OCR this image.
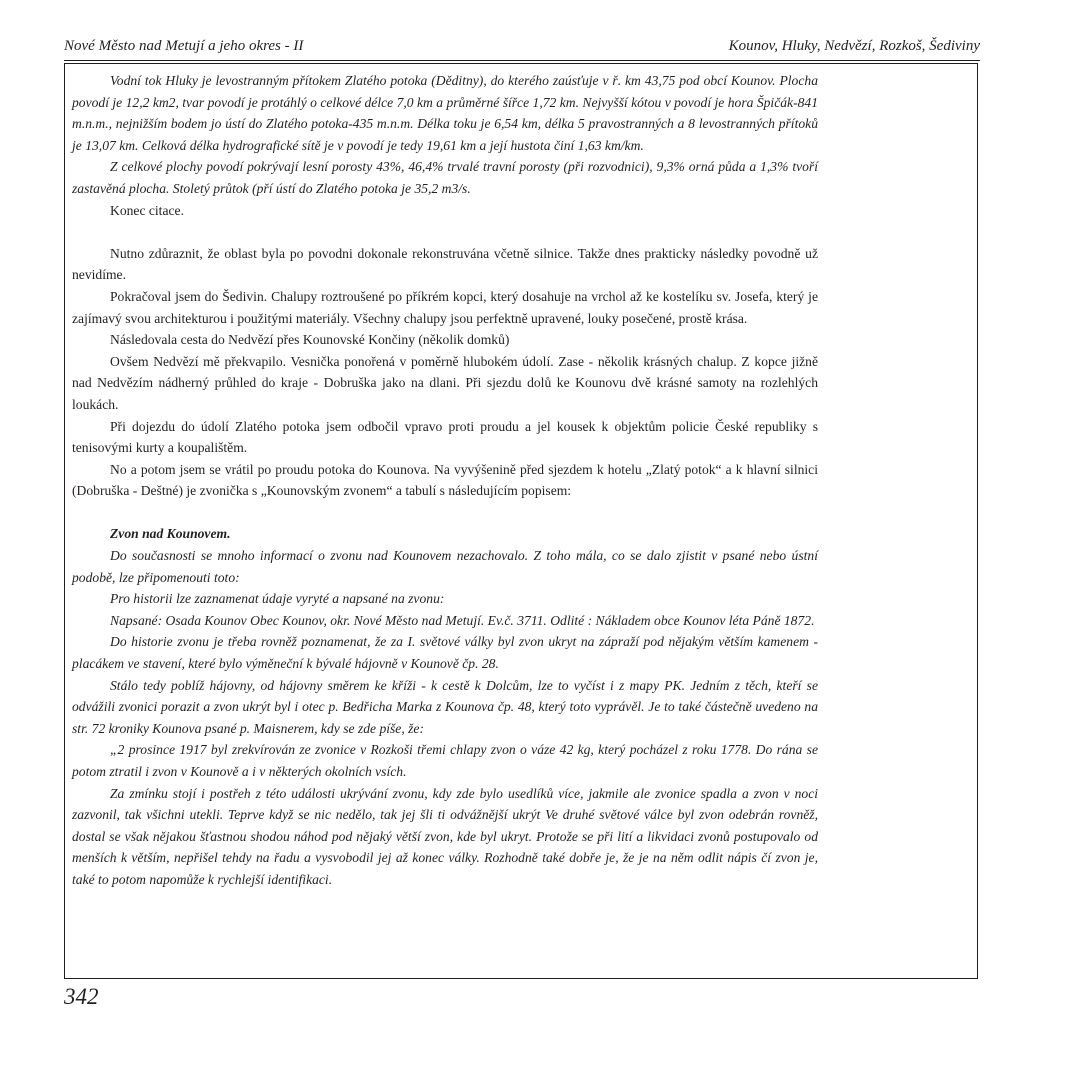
Nové Město nad Metují a jeho okres - II	Kounov, Hluky, Nedvězí, Rozkoš, Šediviny

Vodní tok Hluky je levostranným přítokem Zlatého potoka (Děditny), do kterého zaúsťuje v ř. km 43,75 pod obcí Kounov. Plocha povodí je 12,2 km2, tvar povodí je protáhlý o celkové délce 7,0 km a průměrné šířce 1,72 km. Nejvyšší kótou v povodí je hora Špičák-841 m.n.m., nejnižším bodem jo ústí do Zlatého potoka-435 m.n.m. Délka toku je 6,54 km, délka 5 pravostranných a 8 levostranných přítoků je 13,07 km. Celková délka hydrografické sítě je v povodí je tedy 19,61 km a její hustota činí 1,63 km/km.

Z celkové plochy povodí pokrývají lesní porosty 43%, 46,4% trvalé travní porosty (při rozvodnici), 9,3% orná půda a 1,3% tvoří zastavěná plocha. Stoletý průtok (pří ústí do Zlatého potoka je 35,2 m3/s.

Konec citace.

Nutno zdůraznit, že oblast byla po povodni dokonale rekonstruvána včetně silnice. Takže dnes prakticky následky povodně už nevidíme.

Pokračoval jsem do Šedivin. Chalupy roztroušené po příkrém kopci, který dosahuje na vrchol až ke kostelíku sv. Josefa, který je zajímavý svou architekturou i použitými materiály. Všechny chalupy jsou perfektně upravené, louky posečené, prostě krása.

Následovala cesta do Nedvězí přes Kounovské Končiny (několik domků)

Ovšem Nedvězí mě překvapilo. Vesnička ponořená v poměrně hlubokém údolí. Zase - několik krásných chalup. Z kopce jižně nad Nedvězím nádherný průhled do kraje - Dobruška jako na dlani. Při sjezdu dolů ke Kounovu dvě krásné samoty na rozlehlých loukách.

Při dojezdu do údolí Zlatého potoka jsem odbočil vpravo proti proudu a jel kousek k objektům policie České republiky s tenisovými kurty a koupalištěm.

No a potom jsem se vrátil po proudu potoka do Kounova. Na vyvýšenině před sjezdem k hotelu „Zlatý potok“ a k hlavní silnici (Dobruška - Deštné) je zvonička s „Kounovským zvonem“ a tabulí s následujícím popisem:

Zvon nad Kounovem.

Do současnosti se mnoho informací o zvonu nad Kounovem nezachovalo. Z toho mála, co se dalo zjistit v psané nebo ústní podobě, lze připomenouti toto:

Pro historii lze zaznamenat údaje vyryté a napsané na zvonu:

Napsané: Osada Kounov Obec Kounov, okr. Nové Město nad Metují. Ev.č. 3711. Odlité : Nákladem obce Kounov léta Páně 1872.

Do historie zvonu je třeba rovněž poznamenat, že za I. světové války byl zvon ukryt na zápraží pod nějakým větším kamenem - placákem ve stavení, které bylo výměneční k bývalé hájovně v Kounově čp. 28.

Stálo tedy poblíž hájovny, od hájovny směrem ke kříži - k cestě k Dolcům, lze to vyčíst i z mapy PK. Jedním z těch, kteří se odvážili zvonici porazit a zvon ukrýt byl i otec p. Bedřicha Marka z Kounova čp. 48, který toto vyprávěl. Je to také částečně uvedeno na str. 72 kroniky Kounova psané p. Maisnerem, kdy se zde píše, že:

„2 prosince 1917 byl zrekvírován ze zvonice v Rozkoši třemi chlapy zvon o váze 42 kg, který pocházel z roku 1778. Do rána se potom ztratil i zvon v Kounově a i v některých okolních vsích.

Za zmínku stojí i postřeh z této události ukrývání zvonu, kdy zde bylo usedlíků více, jakmile ale zvonice spadla a zvon v noci zazvonil, tak všichni utekli. Teprve když se nic nedělo, tak jej šli ti odvážnější ukrýt Ve druhé světové válce byl zvon odebrán rovněž, dostal se však nějakou šťastnou shodou náhod pod nějaký větší zvon, kde byl ukryt. Protože se při lití a likvidaci zvonů postupovalo od menších k větším, nepřišel tehdy na řadu a vysvobodil jej až konec války. Rozhodně také dobře je, že je na něm odlit nápis čí zvon je, také to potom napomůže k rychlejší identifikaci.

342
